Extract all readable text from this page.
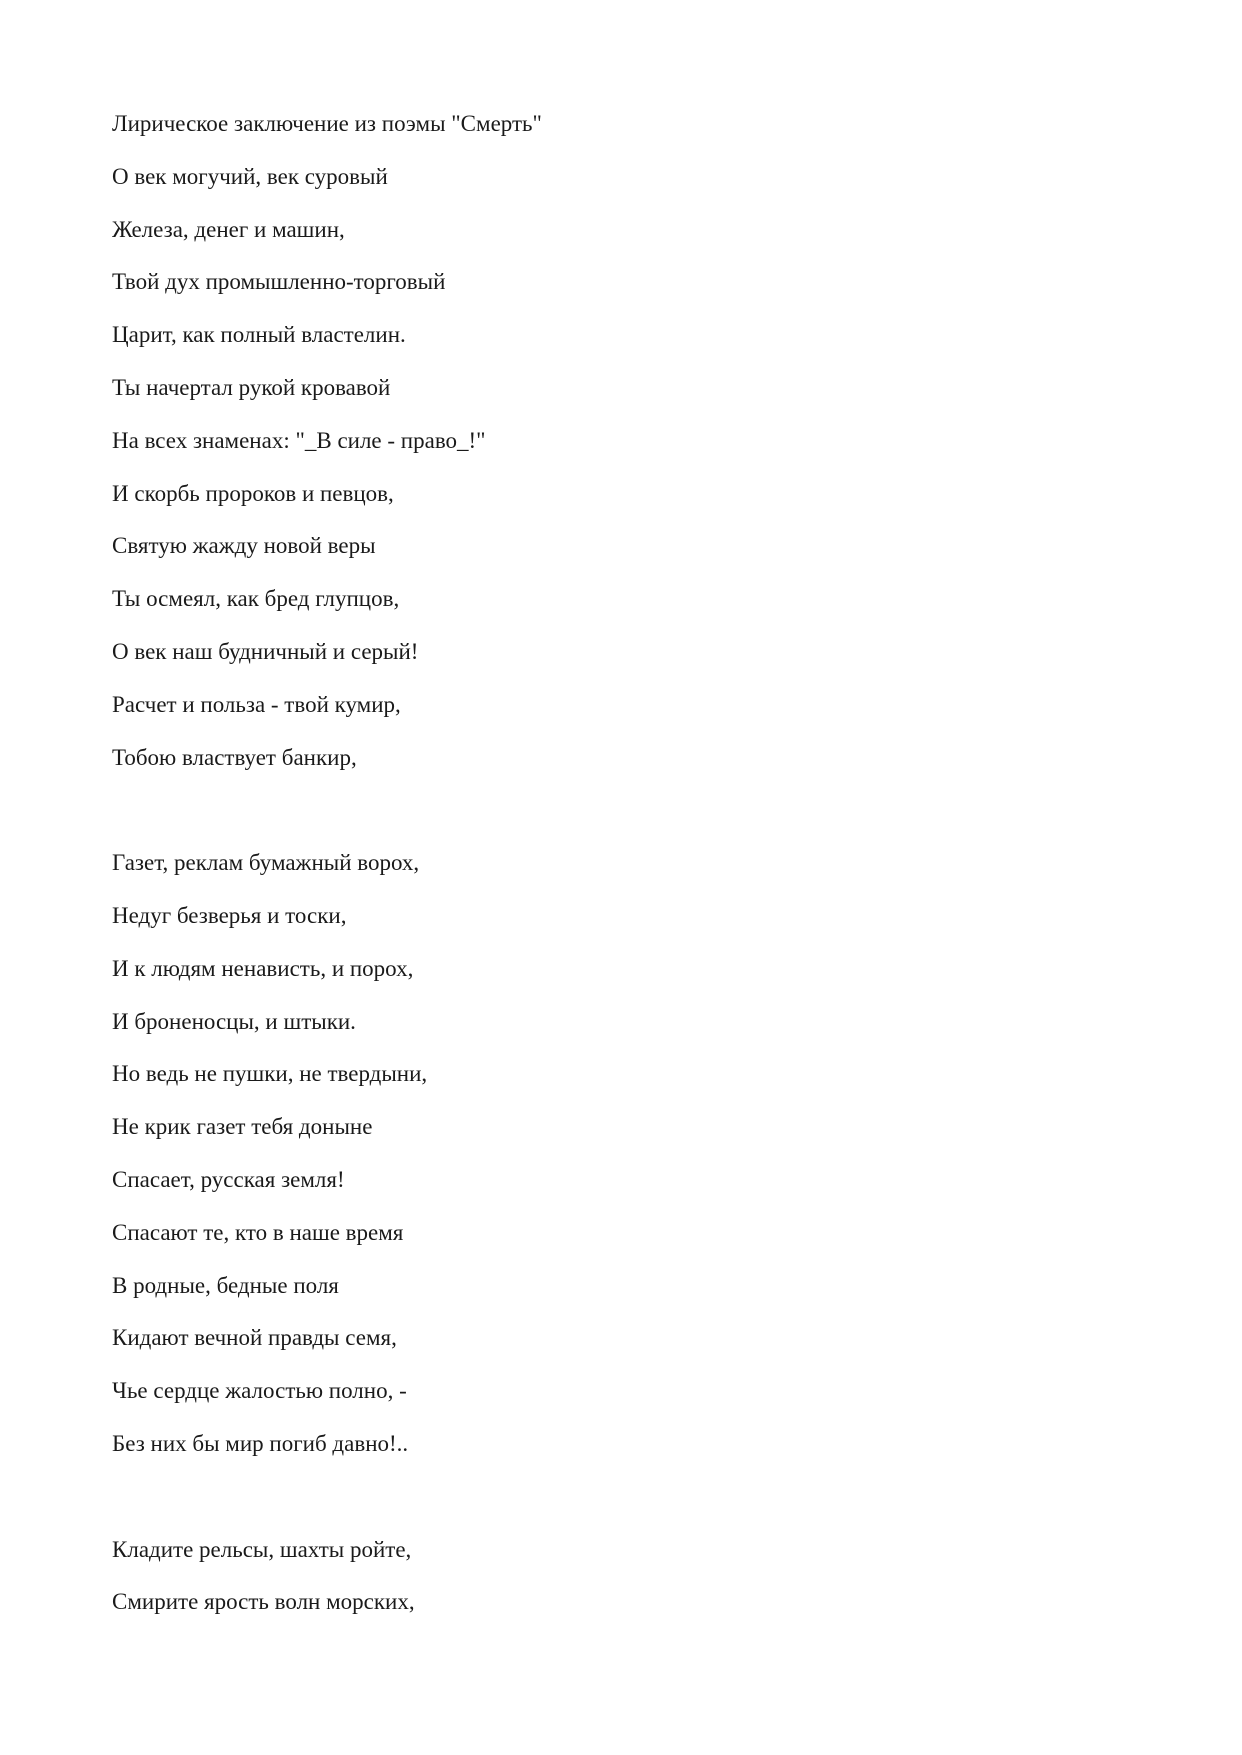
Лирическое заключение из поэмы "Смерть"
О век могучий, век суровый
Железа, денег и машин,
Твой дух промышленно-торговый
Царит, как полный властелин.
Ты начертал рукой кровавой
На всех знаменах: "_В силе - право_!"
И скорбь пророков и певцов,
Святую жажду новой веры
Ты осмеял, как бред глупцов,
О век наш будничный и серый!
Расчет и польза - твой кумир,
Тобою властвует банкир,
Газет, реклам бумажный ворох,
Недуг безверья и тоски,
И к людям ненависть, и порох,
И броненосцы, и штыки.
Но ведь не пушки, не твердыни,
Не крик газет тебя доныне
Спасает, русская земля!
Спасают те, кто в наше время
В родные, бедные поля
Кидают вечной правды семя,
Чье сердце жалостью полно, -
Без них бы мир погиб давно!..
Кладите рельсы, шахты ройте,
Смирите ярость волн морских,
